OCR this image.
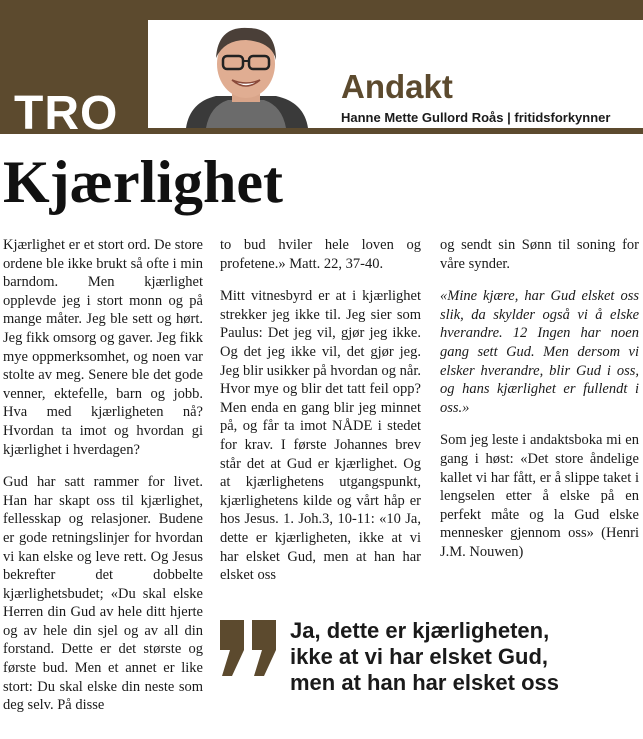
TRO
Andakt
Hanne Mette Gullord Roås | fritidsforkynner
Kjærlighet

Kjærlighet er et stort ord. De store ordene ble ikke brukt så ofte i min barndom. Men kjærlighet opplevde jeg i stort monn og på mange måter. Jeg ble sett og hørt. Jeg fikk omsorg og gaver. Jeg fikk mye oppmerksomhet, og noen var stolte av meg. Senere ble det gode venner, ektefelle, barn og jobb. Hva med kjærligheten nå? Hvordan ta imot og hvordan gi kjærlighet i hverdagen?

Gud har satt rammer for livet. Han har skapt oss til kjærlighet, fellesskap og relasjoner. Budene er gode retningslinjer for hvordan vi kan elske og leve rett. Og Jesus bekrefter det dobbelte kjærlighetsbudet; «Du skal elske Herren din Gud av hele ditt hjerte og av hele din sjel og av all din forstand. Dette er det største og første bud. Men et annet er like stort: Du skal elske din neste som deg selv. På disse

to bud hviler hele loven og profetene.» Matt. 22, 37-40.

Mitt vitnesbyrd er at i kjærlighet strekker jeg ikke til. Jeg sier som Paulus: Det jeg vil, gjør jeg ikke. Og det jeg ikke vil, det gjør jeg. Jeg blir usikker på hvordan og når. Hvor mye og blir det tatt feil opp? Men enda en gang blir jeg minnet på, og får ta imot NÅDE i stedet for krav. I første Johannes brev står det at Gud er kjærlighet. Og at kjærlighetens utgangspunkt, kjærlighetens kilde og vårt håp er hos Jesus. 1. Joh.3, 10-11: «10 Ja, dette er kjærligheten, ikke at vi har elsket Gud, men at han har elsket oss

og sendt sin Sønn til soning for våre synder.

«Mine kjære, har Gud elsket oss slik, da skylder også vi å elske hverandre. 12 Ingen har noen gang sett Gud. Men dersom vi elsker hverandre, blir Gud i oss, og hans kjærlighet er fullendt i oss.»

Som jeg leste i andaktsboka mi en gang i høst: «Det store åndelige kallet vi har fått, er å slippe taket i lengselen etter å elske på en perfekt måte og la Gud elske mennesker gjennom oss» (Henri J.M. Nouwen)

Ja, dette er kjærligheten,
ikke at vi har elsket Gud,
men at han har elsket oss
